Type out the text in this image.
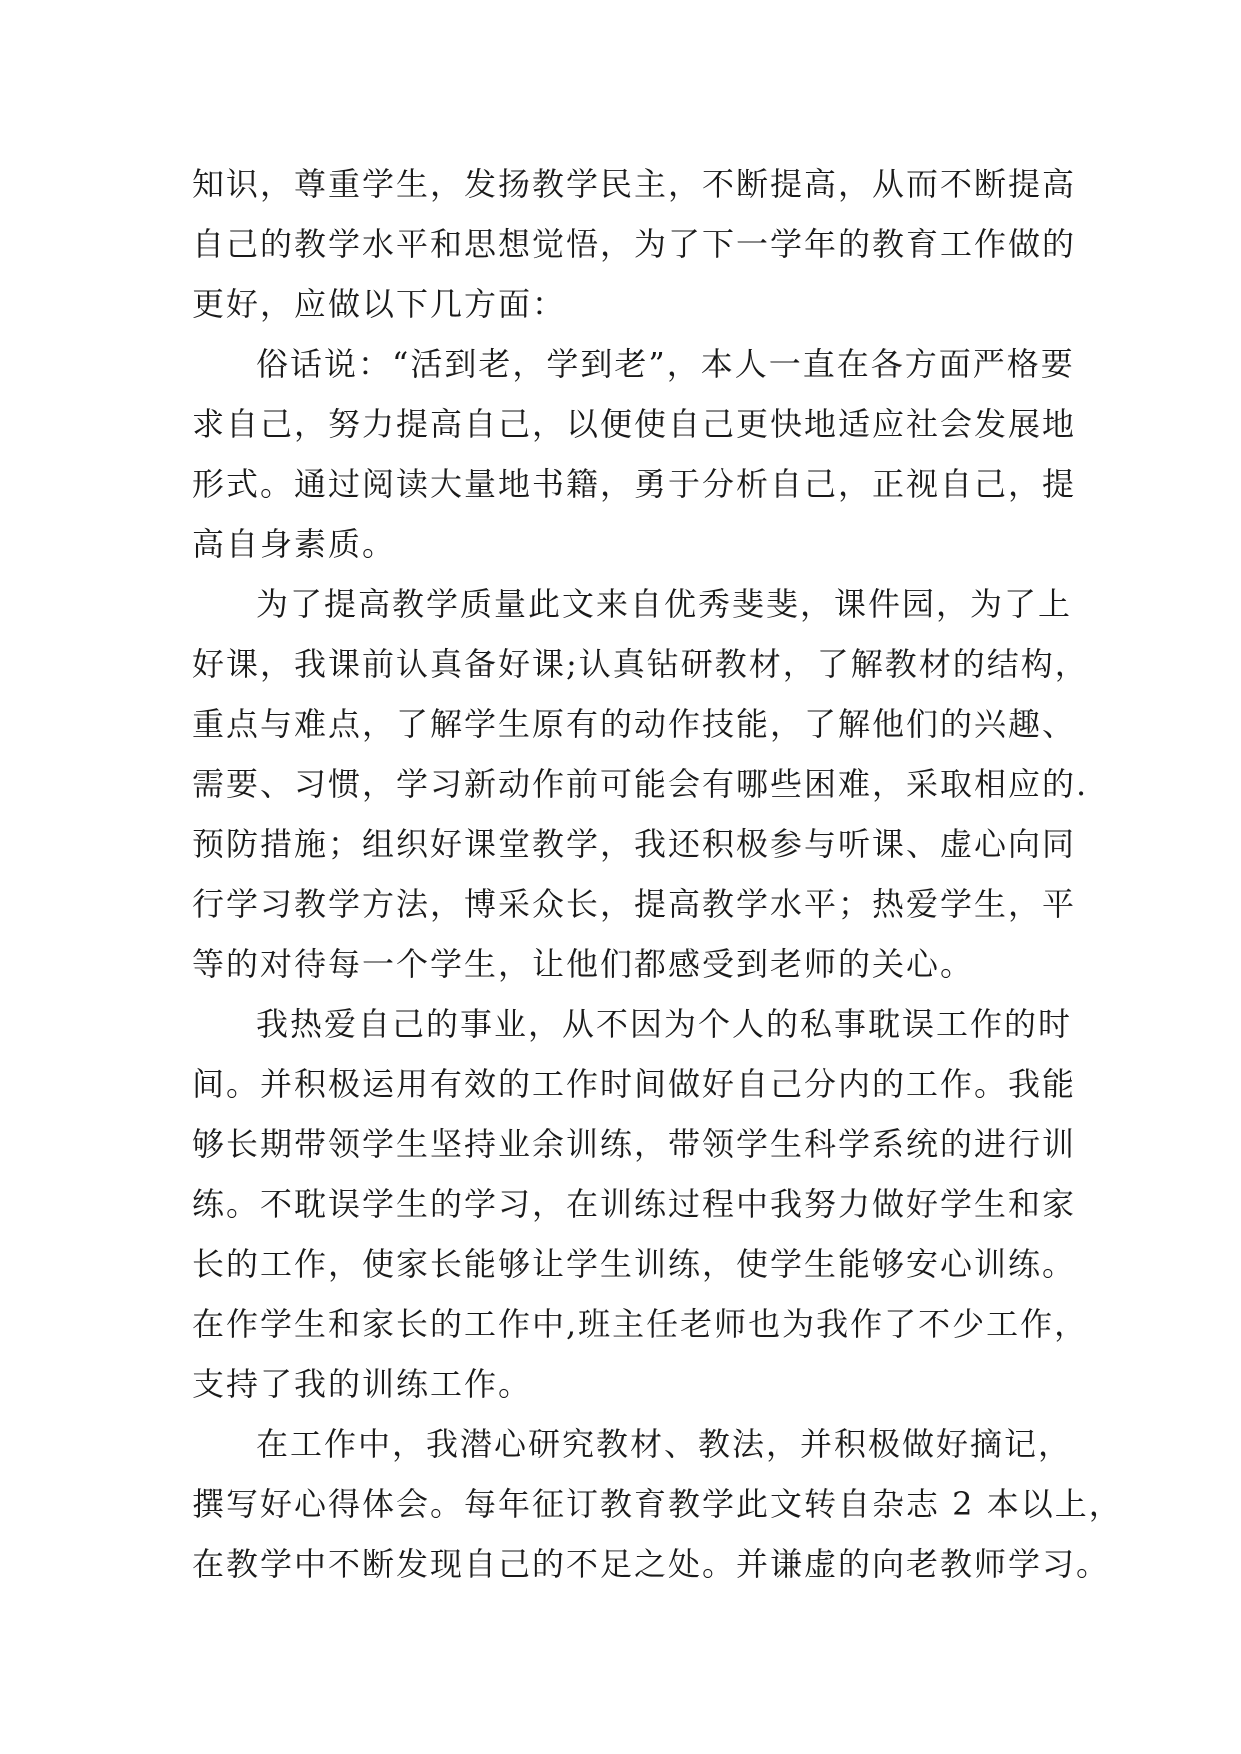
知识，尊重学生，发扬教学民主，不断提高，从而不断提高
自己的教学水平和思想觉悟，为了下一学年的教育工作做的
更好，应做以下几方面：
俗话说：“活到老，学到老”，本人一直在各方面严格要
求自己，努力提高自己，以便使自己更快地适应社会发展地
形式。通过阅读大量地书籍，勇于分析自己，正视自己，提
高自身素质。
为了提高教学质量此文来自优秀斐斐，课件园，为了上
好课，我课前认真备好课;认真钻研教材，了解教材的结构，
重点与难点，了解学生原有的动作技能，了解他们的兴趣、
需要、习惯，学习新动作前可能会有哪些困难，采取相应的.
预防措施；组织好课堂教学，我还积极参与听课、虚心向同
行学习教学方法，博采众长，提高教学水平；热爱学生，平
等的对待每一个学生，让他们都感受到老师的关心。
我热爱自己的事业，从不因为个人的私事耽误工作的时
间。并积极运用有效的工作时间做好自己分内的工作。我能
够长期带领学生坚持业余训练，带领学生科学系统的进行训
练。不耽误学生的学习，在训练过程中我努力做好学生和家
长的工作，使家长能够让学生训练，使学生能够安心训练。
在作学生和家长的工作中,班主任老师也为我作了不少工作，
支持了我的训练工作。
在工作中，我潜心研究教材、教法，并积极做好摘记，
撰写好心得体会。每年征订教育教学此文转自杂志 2 本以上，
在教学中不断发现自己的不足之处。并谦虚的向老教师学习。
